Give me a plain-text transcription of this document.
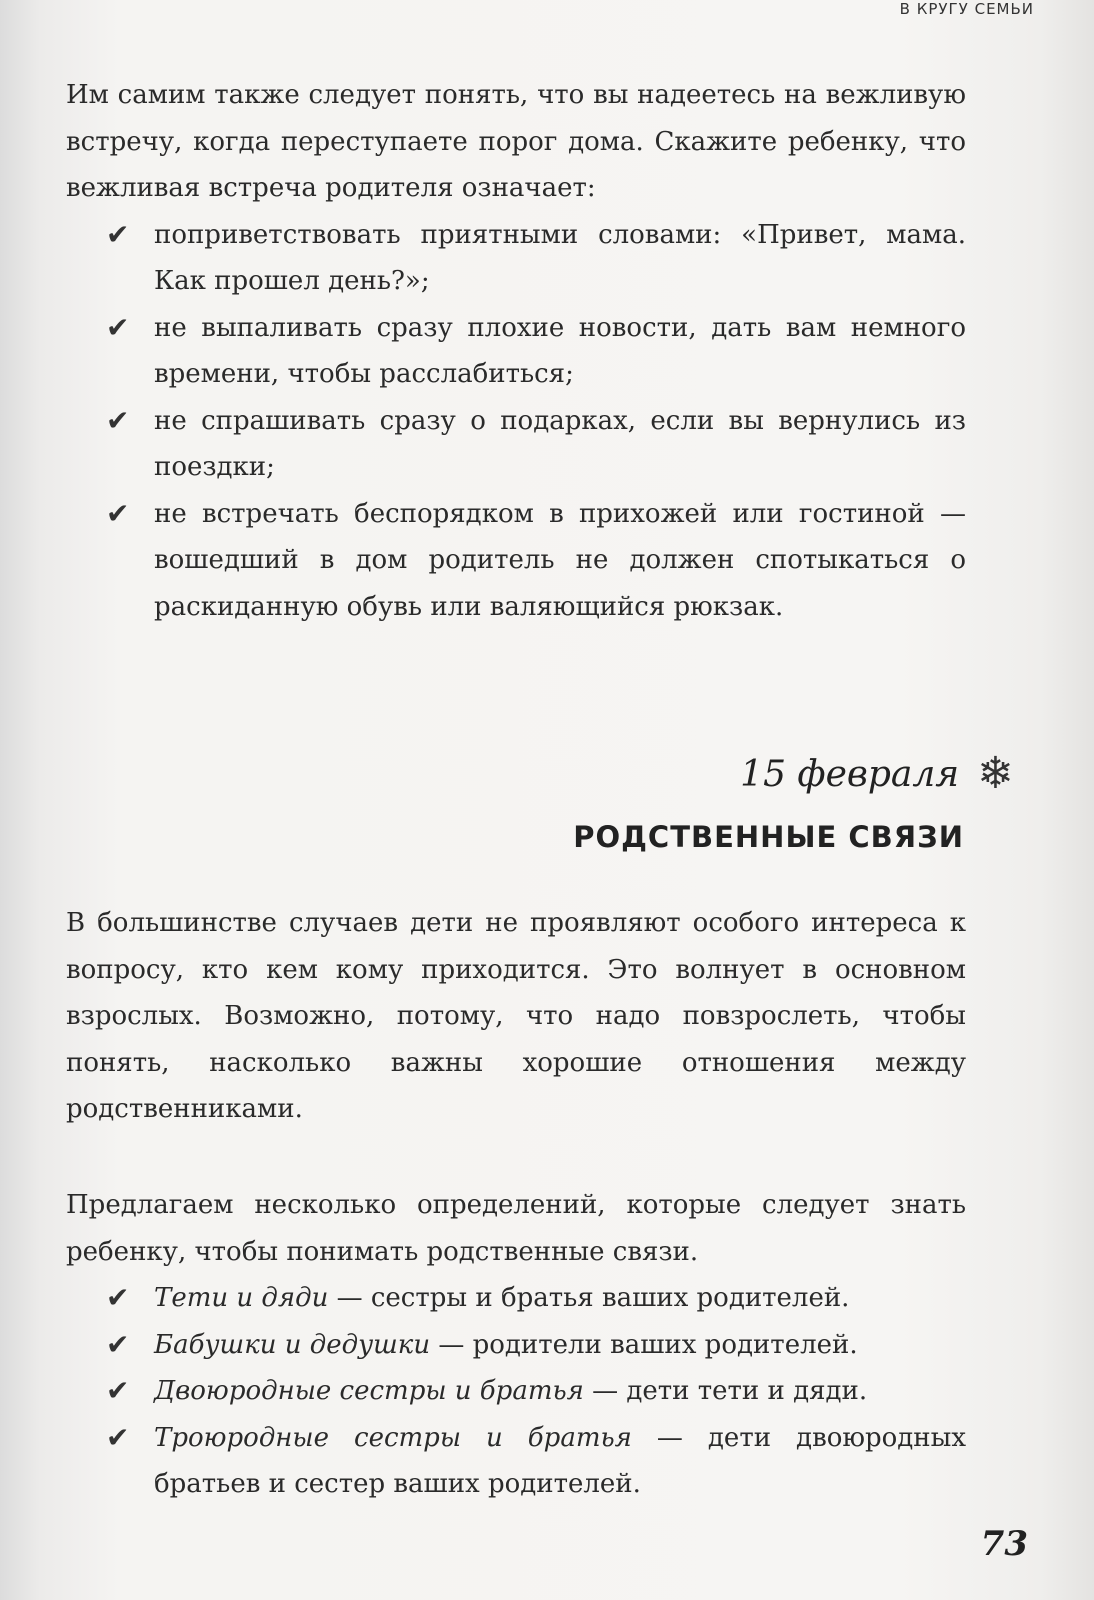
В КРУГУ СЕМЬИ

Им самим также следует понять, что вы надеетесь на вежливую встречу, когда переступаете порог дома. Скажите ребенку, что вежливая встреча родителя означает:

✔ поприветствовать приятными словами: «Привет, мама. Как прошел день?»;
✔ не выпаливать сразу плохие новости, дать вам немного времени, чтобы расслабиться;
✔ не спрашивать сразу о подарках, если вы вернулись из поездки;
✔ не встречать беспорядком в прихожей или гостиной — вошедший в дом родитель не должен спотыкаться о раскиданную обувь или валяющийся рюкзак.
15 февраля ❄
РОДСТВЕННЫЕ СВЯЗИ

В большинстве случаев дети не проявляют особого интереса к вопросу, кто кем кому приходится. Это волнует в основном взрослых. Возможно, потому, что надо повзрослеть, чтобы понять, насколько важны хорошие отношения между родственниками.

Предлагаем несколько определений, которые следует знать ребенку, чтобы понимать родственные связи.

✔ Тети и дяди — сестры и братья ваших родителей.
✔ Бабушки и дедушки — родители ваших родителей.
✔ Двоюродные сестры и братья — дети тети и дяди.
✔ Троюродные сестры и братья — дети двоюродных братьев и сестер ваших родителей.
73
